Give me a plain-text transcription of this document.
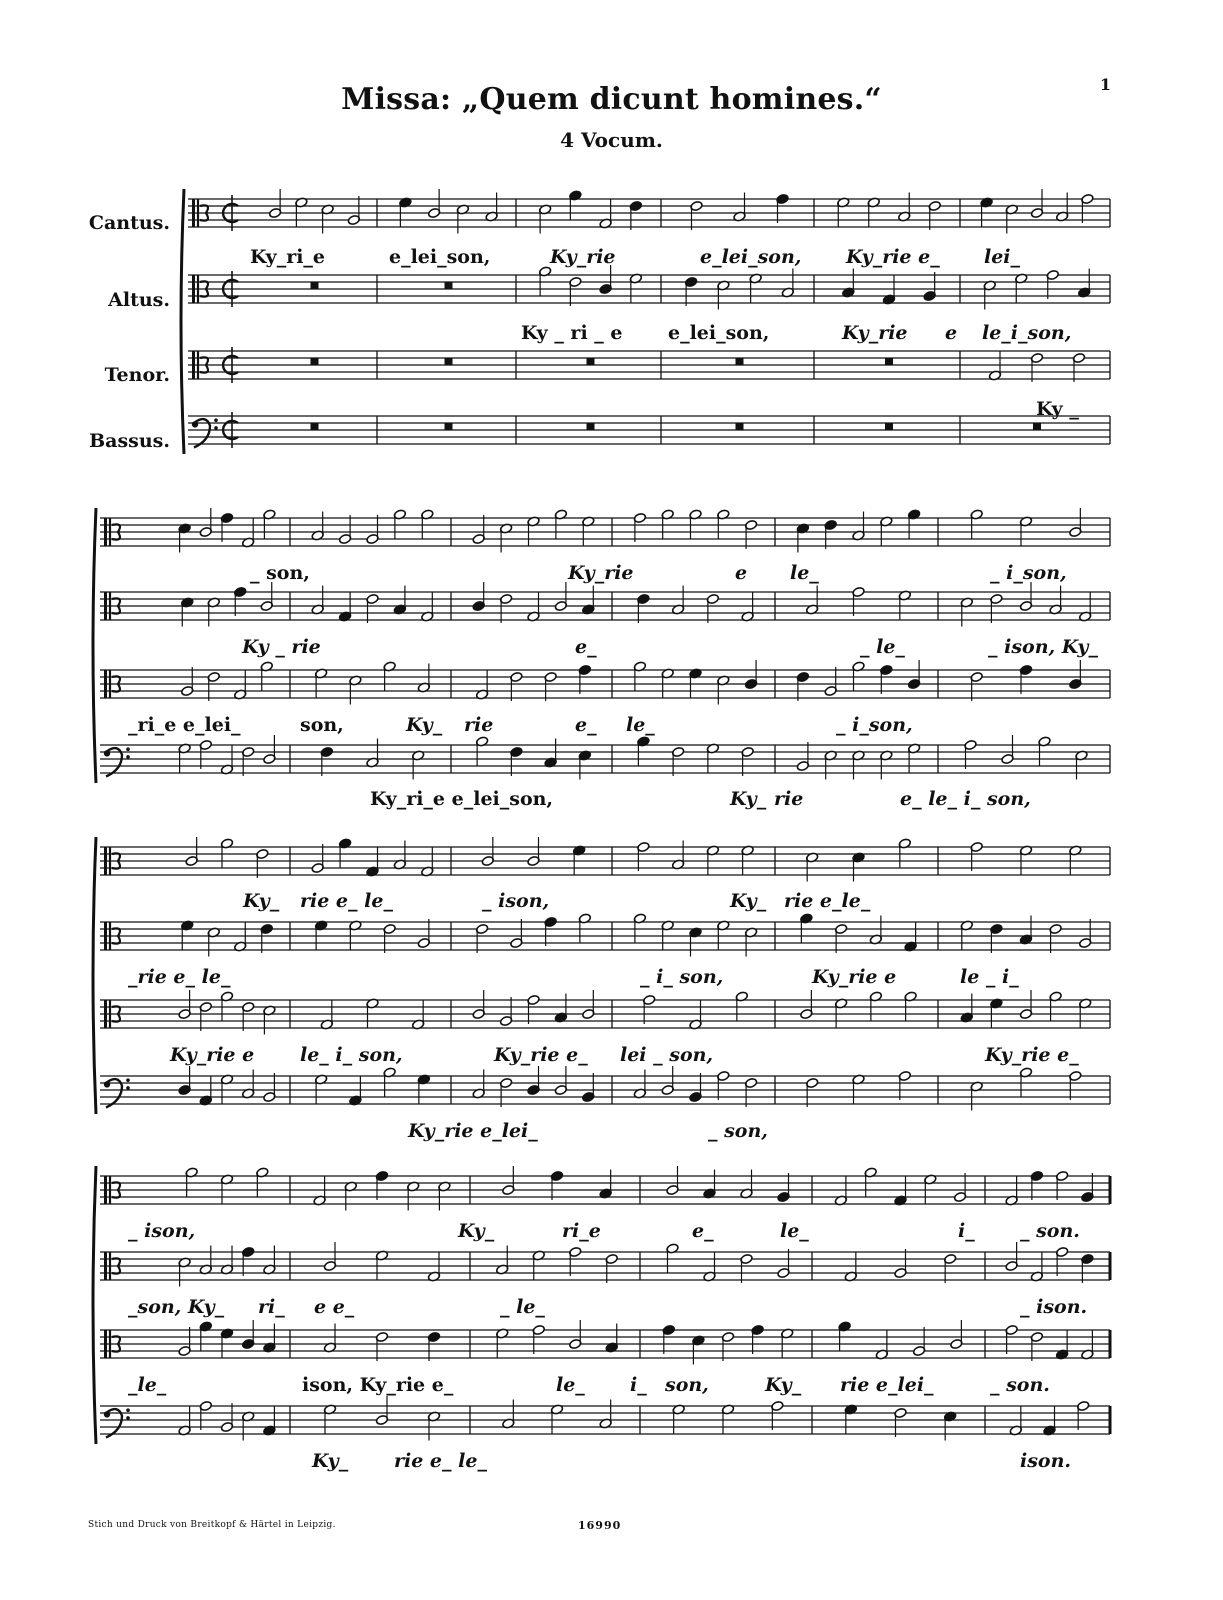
Missa: „Quem dicunt homines.“
4 Vocum.
1
Cantus.
Altus.
Tenor.
Bassus.
Ky_ri_e	e_lei_son,	Ky_rie	e_lei_son, Ky_rie e_ lei_
Ky _ ri _ e e_lei_son,	Ky_rie e le_i_son,
Ky _
_ son,	Ky_rie	e le_	_ i_son,
Ky _ rie	e_	_ le_	_ ison, Ky_
_ri_e e_lei_	son,	Ky_ rie	e_ le_	_ i_son,
Ky_ri_e e_lei_son,	Ky_ rie	e_ le_ i_ son,
Ky_ rie e_ le_	_ ison,	Ky_ rie e_le_
_rie e_ le_	_ i_ son,	Ky_rie e	le _ i_
Ky_rie e le_ i_ son,	Ky_rie e_ lei _ son,	Ky_rie e_
Ky_rie e_lei_	_ son,
_ ison,	Ky_	ri_e	e_	le_	i_ _ son.
_son, Ky_ ri_ e e_	_ le_	_ ison.
_le_	ison, Ky_rie e_	le_ i_ son,	Ky_ rie e_lei_	_ son.
Ky_ rie e_ le_	ison.
Stich und Druck von Breitkopf & Härtel in Leipzig.	16990
